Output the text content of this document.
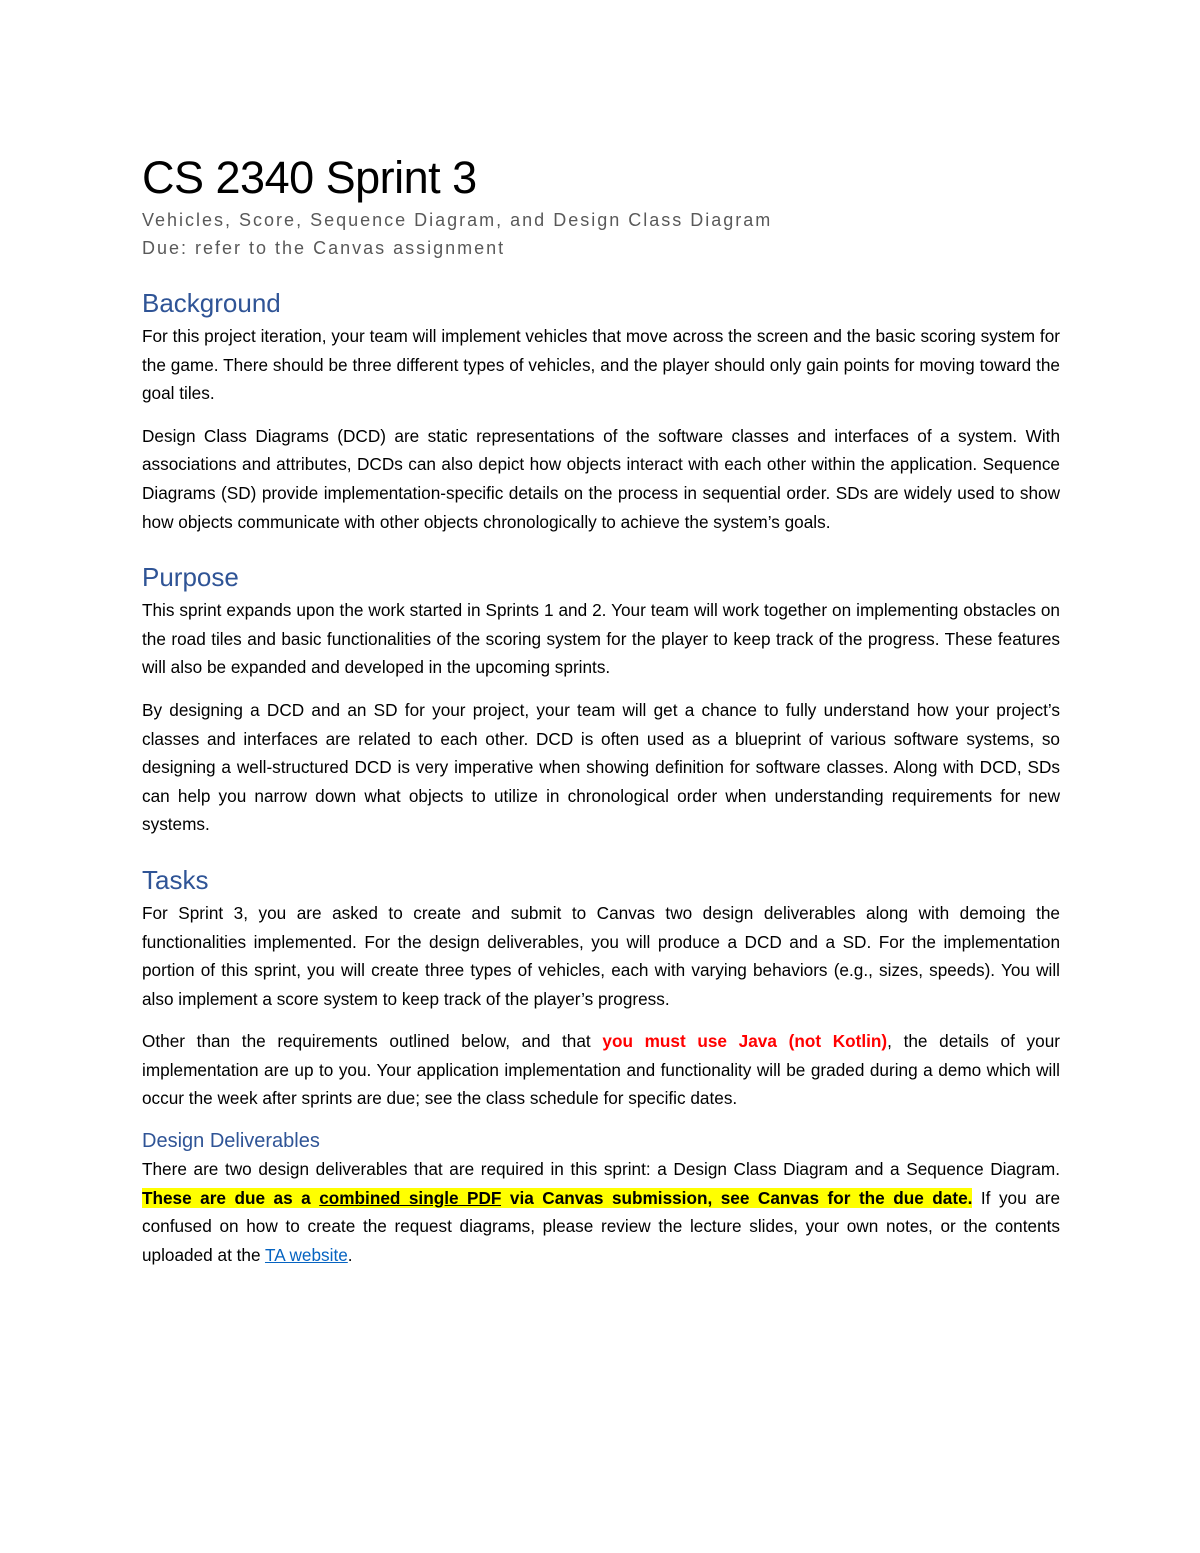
CS 2340 Sprint 3
Vehicles, Score, Sequence Diagram, and Design Class Diagram
Due: refer to the Canvas assignment
Background

For this project iteration, your team will implement vehicles that move across the screen and the basic scoring system for the game. There should be three different types of vehicles, and the player should only gain points for moving toward the goal tiles.

Design Class Diagrams (DCD) are static representations of the software classes and interfaces of a system. With associations and attributes, DCDs can also depict how objects interact with each other within the application. Sequence Diagrams (SD) provide implementation-specific details on the process in sequential order. SDs are widely used to show how objects communicate with other objects chronologically to achieve the system’s goals.

Purpose

This sprint expands upon the work started in Sprints 1 and 2. Your team will work together on implementing obstacles on the road tiles and basic functionalities of the scoring system for the player to keep track of the progress. These features will also be expanded and developed in the upcoming sprints.

By designing a DCD and an SD for your project, your team will get a chance to fully understand how your project’s classes and interfaces are related to each other. DCD is often used as a blueprint of various software systems, so designing a well-structured DCD is very imperative when showing definition for software classes. Along with DCD, SDs can help you narrow down what objects to utilize in chronological order when understanding requirements for new systems.

Tasks

For Sprint 3, you are asked to create and submit to Canvas two design deliverables along with demoing the functionalities implemented. For the design deliverables, you will produce a DCD and a SD. For the implementation portion of this sprint, you will create three types of vehicles, each with varying behaviors (e.g., sizes, speeds). You will also implement a score system to keep track of the player’s progress.

Other than the requirements outlined below, and that you must use Java (not Kotlin), the details of your implementation are up to you. Your application implementation and functionality will be graded during a demo which will occur the week after sprints are due; see the class schedule for specific dates.

Design Deliverables

There are two design deliverables that are required in this sprint: a Design Class Diagram and a Sequence Diagram. These are due as a combined single PDF via Canvas submission, see Canvas for the due date. If you are confused on how to create the request diagrams, please review the lecture slides, your own notes, or the contents uploaded at the TA website.
